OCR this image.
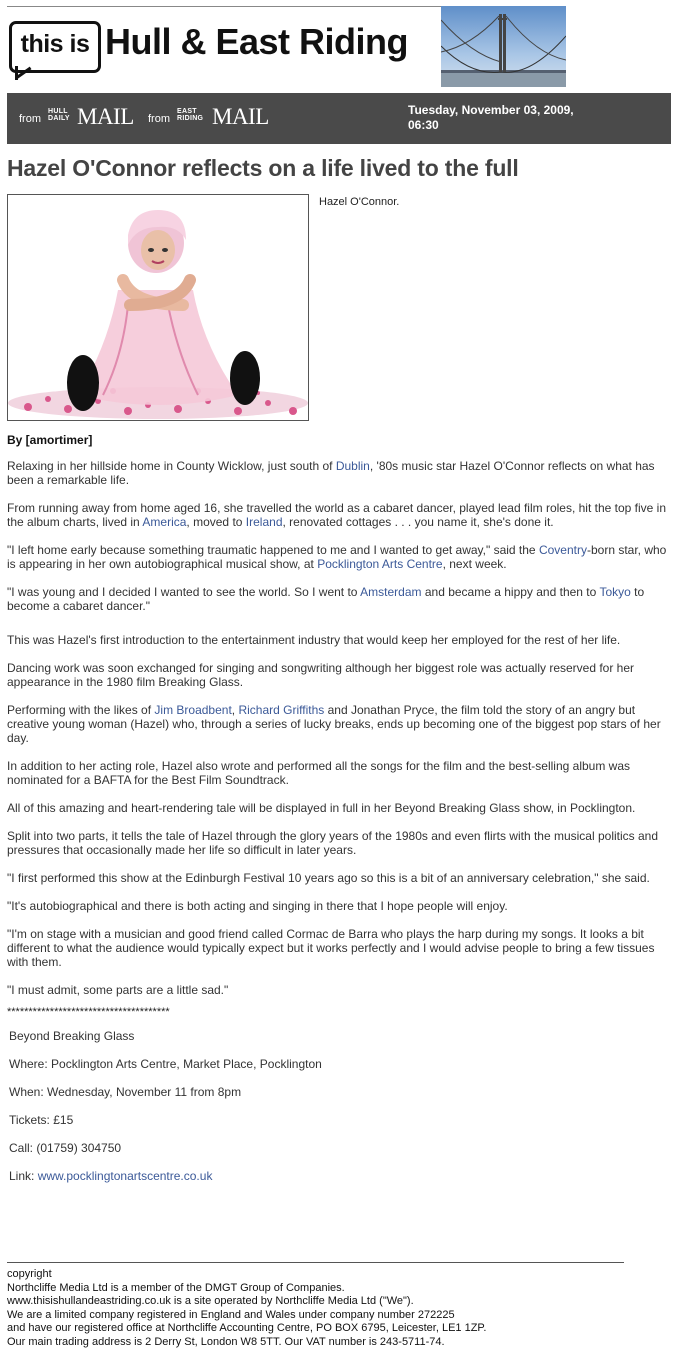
this is Hull & East Riding
from
HULL
DAILY MAIL from
EAST
RIDING MAIL	Tuesday, November 03, 2009,
06:30
Hazel O'Connor reflects on a life lived to the full
Hazel O'Connor.
By [amortimer]

Relaxing in her hillside home in County Wicklow, just south of Dublin, '80s music star Hazel O'Connor reflects on what has been a remarkable life.

From running away from home aged 16, she travelled the world as a cabaret dancer, played lead film roles, hit the top five in the album charts, lived in America, moved to Ireland, renovated cottages . . . you name it, she's done it.

"I left home early because something traumatic happened to me and I wanted to get away," said the Coventry-born star, who is appearing in her own autobiographical musical show, at Pocklington Arts Centre, next week.

"I was young and I decided I wanted to see the world. So I went to Amsterdam and became a hippy and then to Tokyo to become a cabaret dancer."

This was Hazel's first introduction to the entertainment industry that would keep her employed for the rest of her life.

Dancing work was soon exchanged for singing and songwriting although her biggest role was actually reserved for her appearance in the 1980 film Breaking Glass.

Performing with the likes of Jim Broadbent, Richard Griffiths and Jonathan Pryce, the film told the story of an angry but creative young woman (Hazel) who, through a series of lucky breaks, ends up becoming one of the biggest pop stars of her day.

In addition to her acting role, Hazel also wrote and performed all the songs for the film and the best-selling album was nominated for a BAFTA for the Best Film Soundtrack.

All of this amazing and heart-rendering tale will be displayed in full in her Beyond Breaking Glass show, in Pocklington.

Split into two parts, it tells the tale of Hazel through the glory years of the 1980s and even flirts with the musical politics and pressures that occasionally made her life so difficult in later years.

"I first performed this show at the Edinburgh Festival 10 years ago so this is a bit of an anniversary celebration," she said.

"It's autobiographical and there is both acting and singing in there that I hope people will enjoy.

"I'm on stage with a musician and good friend called Cormac de Barra who plays the harp during my songs. It looks a bit different to what the audience would typically expect but it works perfectly and I would advise people to bring a few tissues with them.

"I must admit, some parts are a little sad."

**************************************

Beyond Breaking Glass

Where: Pocklington Arts Centre, Market Place, Pocklington

When: Wednesday, November 11 from 8pm

Tickets: £15

Call: (01759) 304750

Link: www.pocklingtonartscentre.co.uk

copyright
Northcliffe Media Ltd is a member of the DMGT Group of Companies.
www.thisishullandeastriding.co.uk is a site operated by Northcliffe Media Ltd ("We").
We are a limited company registered in England and Wales under company number 272225
and have our registered office at Northcliffe Accounting Centre, PO BOX 6795, Leicester, LE1 1ZP.
Our main trading address is 2 Derry St, London W8 5TT. Our VAT number is 243-5711-74.
